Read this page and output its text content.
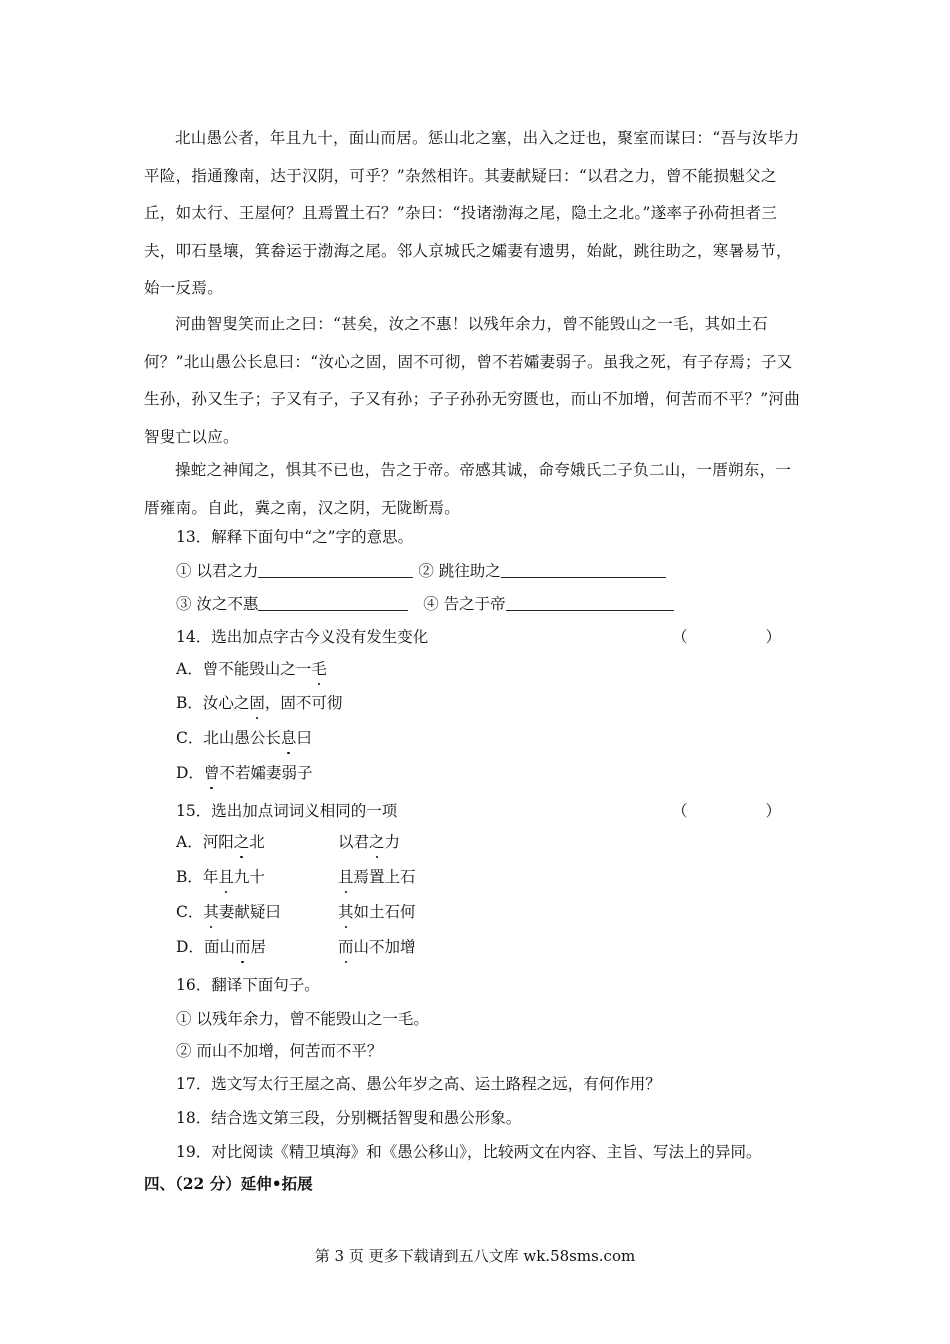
北山愚公者，年且九十，面山而居。惩山北之塞，出入之迂也，聚室而谋曰：“吾与汝毕力平险，指通豫南，达于汉阴，可乎？”杂然相许。其妻献疑曰：“以君之力，曾不能损魁父之丘，如太行、王屋何？且焉置土石？”杂曰：“投诸渤海之尾，隐土之北。”遂率子孙荷担者三夫，叩石垦壤，箕畚运于渤海之尾。邻人京城氏之孀妻有遗男，始龀，跳往助之，寒暑易节，始一反焉。

河曲智叟笑而止之曰：“甚矣，汝之不惠！以残年余力，曾不能毁山之一毛，其如土石何？”北山愚公长息曰：“汝心之固，固不可彻，曾不若孀妻弱子。虽我之死，有子存焉；子又生孙，孙又生子；子又有子，子又有孙；子子孙孙无穷匮也，而山不加增，何苦而不平？”河曲智叟亡以应。

操蛇之神闻之，惧其不已也，告之于帝。帝感其诚，命夸娥氏二子负二山，一厝朔东，一厝雍南。自此，冀之南，汉之阴，无陇断焉。

13．解释下面句中“之”字的意思。

① 以君之力	② 跳往助之

③ 汝之不惠	④ 告之于帝

14．选出加点字古今义没有发生变化	（	）

A．曾不能毁山之一毛

B．汝心之固，固不可彻

C．北山愚公长息曰

D．曾不若孀妻弱子

15．选出加点词词义相同的一项	（	）

A．河阳之北	以君之力

B．年且九十	且焉置上石

C．其妻献疑曰	其如土石何

D．面山而居	而山不加增

16．翻译下面句子。

① 以残年余力，曾不能毁山之一毛。

② 而山不加增，何苦而不平？

17．选文写太行王屋之高、愚公年岁之高、运土路程之远，有何作用？

18．结合选文第三段，分别概括智叟和愚公形象。

19．对比阅读《精卫填海》和《愚公移山》，比较两文在内容、主旨、写法上的异同。

四、（22 分）延伸•拓展
第 3 页 更多下载请到五八文库 wk.58sms.com
